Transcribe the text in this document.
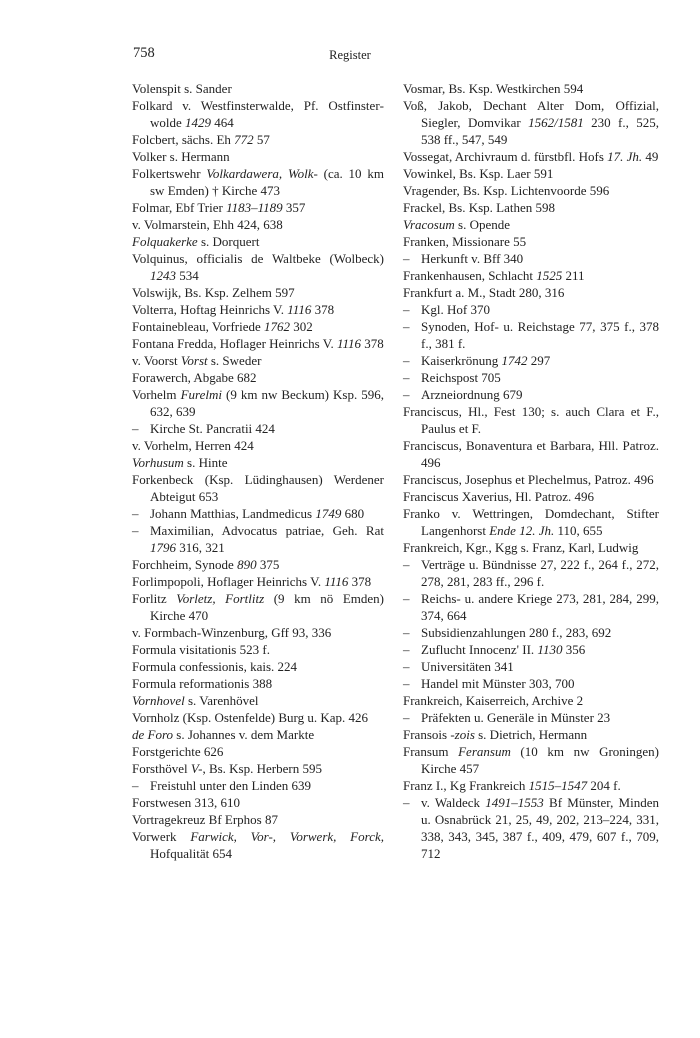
758	Register

Volenspit s. Sander

Folkard v. Westfinsterwalde, Pf. Ostfinsterwolde 1429 464

Folcbert, sächs. Eh 772 57

Volker s. Hermann

Folkertswehr Volkardawera, Wolk- (ca. 10 km sw Emden) † Kirche 473

Folmar, Ebf Trier 1183–1189 357

v. Volmarstein, Ehh 424, 638

Folquakerke s. Dorquert

Volquinus, officialis de Waltbeke (Wolbeck) 1243 534

Volswijk, Bs. Ksp. Zelhem 597

Volterra, Hoftag Heinrichs V. 1116 378

Fontainebleau, Vorfriede 1762 302

Fontana Fredda, Hoflager Heinrichs V. 1116 378

v. Voorst Vorst s. Sweder

Forawerch, Abgabe 682

Vorhelm Furelmi (9 km nw Beckum) Ksp. 596, 632, 639

– Kirche St. Pancratii 424

v. Vorhelm, Herren 424

Vorhusum s. Hinte

Forkenbeck (Ksp. Lüdinghausen) Werdener Abteigut 653

– Johann Matthias, Landmedicus 1749 680

– Maximilian, Advocatus patriae, Geh. Rat 1796 316, 321

Forchheim, Synode 890 375

Forlimpopoli, Hoflager Heinrichs V. 1116 378

Forlitz Vorletz, Fortlitz (9 km nö Emden) Kirche 470

v. Formbach-Winzenburg, Gff 93, 336

Formula visitationis 523 f.

Formula confessionis, kais. 224

Formula reformationis 388

Vornhovel s. Varenhövel

Vornholz (Ksp. Ostenfelde) Burg u. Kap. 426

de Foro s. Johannes v. dem Markte

Forstgerichte 626

Forsthövel V-, Bs. Ksp. Herbern 595

– Freistuhl unter den Linden 639

Forstwesen 313, 610

Vortragekreuz Bf Erphos 87

Vorwerk Farwick, Vor-, Vorwerk, Forck, Hofqualität 654

Vosmar, Bs. Ksp. Westkirchen 594

Voß, Jakob, Dechant Alter Dom, Offizial, Siegler, Domvikar 1562/1581 230 f., 525, 538 ff., 547, 549

Vossegat, Archivraum d. fürstbfl. Hofs 17. Jh. 49

Vowinkel, Bs. Ksp. Laer 591

Vragender, Bs. Ksp. Lichtenvoorde 596

Frackel, Bs. Ksp. Lathen 598

Vracosum s. Opende

Franken, Missionare 55

– Herkunft v. Bff 340

Frankenhausen, Schlacht 1525 211

Frankfurt a. M., Stadt 280, 316

– Kgl. Hof 370

– Synoden, Hof- u. Reichstage 77, 375 f., 378 f., 381 f.

– Kaiserkrönung 1742 297

– Reichspost 705

– Arzneiordnung 679

Franciscus, Hl., Fest 130; s. auch Clara et F., Paulus et F.

Franciscus, Bonaventura et Barbara, Hll. Patroz. 496

Franciscus, Josephus et Plechelmus, Patroz. 496

Franciscus Xaverius, Hl. Patroz. 496

Franko v. Wettringen, Domdechant, Stifter Langenhorst Ende 12. Jh. 110, 655

Frankreich, Kgr., Kgg s. Franz, Karl, Ludwig

– Verträge u. Bündnisse 27, 222 f., 264 f., 272, 278, 281, 283 ff., 296 f.

– Reichs- u. andere Kriege 273, 281, 284, 299, 374, 664

– Subsidienzahlungen 280 f., 283, 692

– Zuflucht Innocenz' II. 1130 356

– Universitäten 341

– Handel mit Münster 303, 700

Frankreich, Kaiserreich, Archive 2

– Präfekten u. Generäle in Münster 23

Fransois -zois s. Dietrich, Hermann

Fransum Feransum (10 km nw Groningen) Kirche 457

Franz I., Kg Frankreich 1515–1547 204 f.

– v. Waldeck 1491–1553 Bf Münster, Minden u. Osnabrück 21, 25, 49, 202, 213–224, 331, 338, 343, 345, 387 f., 409, 479, 607 f., 709, 712
